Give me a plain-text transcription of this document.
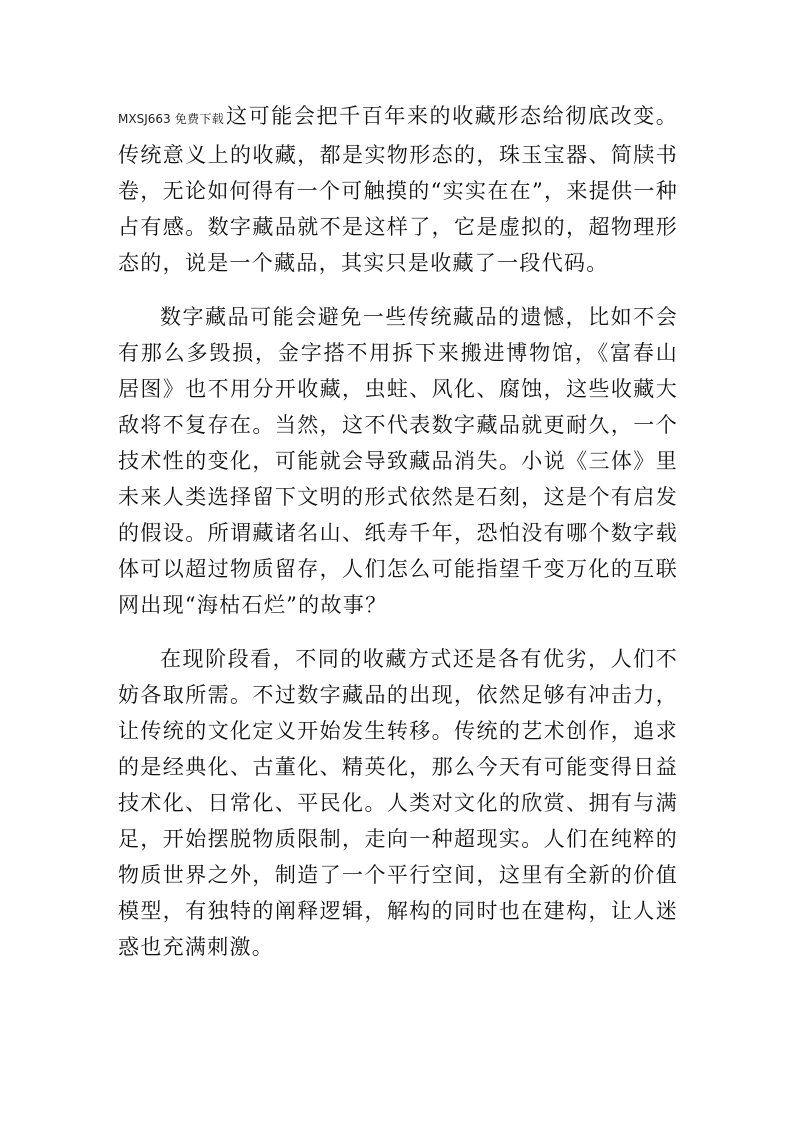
MXSJ663 免费下载这可能会把千百年来的收藏形态给彻底改变。传统意义上的收藏，都是实物形态的，珠玉宝器、简牍书卷，无论如何得有一个可触摸的“实实在在”，来提供一种占有感。数字藏品就不是这样了，它是虚拟的，超物理形态的，说是一个藏品，其实只是收藏了一段代码。

数字藏品可能会避免一些传统藏品的遗憾，比如不会有那么多毁损，金字搭不用拆下来搬进博物馆，《富春山居图》也不用分开收藏，虫蛀、风化、腐蚀，这些收藏大敌将不复存在。当然，这不代表数字藏品就更耐久，一个技术性的变化，可能就会导致藏品消失。小说《三体》里未来人类选择留下文明的形式依然是石刻，这是个有启发的假设。所谓藏诸名山、纸寿千年，恐怕没有哪个数字载体可以超过物质留存，人们怎么可能指望千变万化的互联网出现“海枯石烂”的故事？

在现阶段看，不同的收藏方式还是各有优劣，人们不妨各取所需。不过数字藏品的出现，依然足够有冲击力，让传统的文化定义开始发生转移。传统的艺术创作，追求的是经典化、古董化、精英化，那么今天有可能变得日益技术化、日常化、平民化。人类对文化的欣赏、拥有与满足，开始摆脱物质限制，走向一种超现实。人们在纯粹的物质世界之外，制造了一个平行空间，这里有全新的价值模型，有独特的阐释逻辑，解构的同时也在建构，让人迷惑也充满刺激。
